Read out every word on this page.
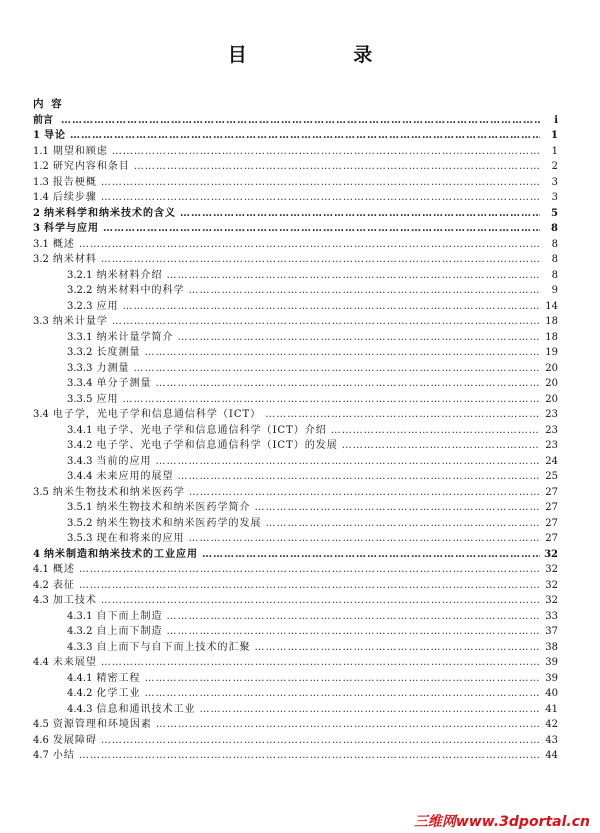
目 录
内 容
前言 ……………………………………………………………………………………………………………………………………………………………………	i
1 导论 ……………………………………………………………………………………………………………………………………………………………………	1
1.1 期望和顾虑 ……………………………………………………………………………………………………………………………………………………………………	1
1.2 研究内容和条目 ……………………………………………………………………………………………………………………………………………………………………	2
1.3 报告梗概 ……………………………………………………………………………………………………………………………………………………………………	3
1.4 后续步骤 ……………………………………………………………………………………………………………………………………………………………………	3
2 纳米科学和纳米技术的含义 ……………………………………………………………………………………………………………………………………………………………………	5
3 科学与应用 ……………………………………………………………………………………………………………………………………………………………………	8
3.1 概述 ……………………………………………………………………………………………………………………………………………………………………	8
3.2 纳米材料 ……………………………………………………………………………………………………………………………………………………………………	8
3.2.1 纳米材料介绍 ……………………………………………………………………………………………………………………………………………………………………	8
3.2.2 纳米材料中的科学 ……………………………………………………………………………………………………………………………………………………………………	9
3.2.3 应用 ……………………………………………………………………………………………………………………………………………………………………	14
3.3 纳米计量学 ……………………………………………………………………………………………………………………………………………………………………	18
3.3.1 纳米计量学简介 ……………………………………………………………………………………………………………………………………………………………………	18
3.3.2 长度测量 ……………………………………………………………………………………………………………………………………………………………………	19
3.3.3 力测量 ……………………………………………………………………………………………………………………………………………………………………	20
3.3.4 单分子测量 ……………………………………………………………………………………………………………………………………………………………………	20
3.3.5 应用 ……………………………………………………………………………………………………………………………………………………………………	20
3.4 电子学，光电子学和信息通信科学（ICT） ……………………………………………………………………………………………………………………………………………………………………	23
3.4.1 电子学、光电子学和信息通信科学（ICT）介绍 ……………………………………………………………………………………………………………………………………………………………………	23
3.4.2 电子学、光电子学和信息通信科学（ICT）的发展 ……………………………………………………………………………………………………………………………………………………………………	23
3.4.3 当前的应用 ……………………………………………………………………………………………………………………………………………………………………	24
3.4.4 未来应用的展望 ……………………………………………………………………………………………………………………………………………………………………	25
3.5 纳米生物技术和纳米医药学 ……………………………………………………………………………………………………………………………………………………………………	27
3.5.1 纳米生物技术和纳米医药学简介 ……………………………………………………………………………………………………………………………………………………………………	27
3.5.2 纳米生物技术和纳米医药学的发展 ……………………………………………………………………………………………………………………………………………………………………	27
3.5.3 现在和将来的应用 ……………………………………………………………………………………………………………………………………………………………………	27
4 纳米制造和纳米技术的工业应用 ……………………………………………………………………………………………………………………………………………………………………	32
4.1 概述 ……………………………………………………………………………………………………………………………………………………………………	32
4.2 表征 ……………………………………………………………………………………………………………………………………………………………………	32
4.3 加工技术 ……………………………………………………………………………………………………………………………………………………………………	32
4.3.1 自下而上制造 ……………………………………………………………………………………………………………………………………………………………………	33
4.3.2 自上而下制造 ……………………………………………………………………………………………………………………………………………………………………	37
4.3.3 自上而下与自下而上技术的汇聚 ……………………………………………………………………………………………………………………………………………………………………	38
4.4 未来展望 ……………………………………………………………………………………………………………………………………………………………………	39
4.4.1 精密工程 ……………………………………………………………………………………………………………………………………………………………………	39
4.4.2 化学工业 ……………………………………………………………………………………………………………………………………………………………………	40
4.4.3 信息和通讯技术工业 ……………………………………………………………………………………………………………………………………………………………………	41
4.5 资源管理和环境因素 ……………………………………………………………………………………………………………………………………………………………………	42
4.6 发展障碍 ……………………………………………………………………………………………………………………………………………………………………	43
4.7 小结 ……………………………………………………………………………………………………………………………………………………………………	44
三维网www.3dportal.cn
